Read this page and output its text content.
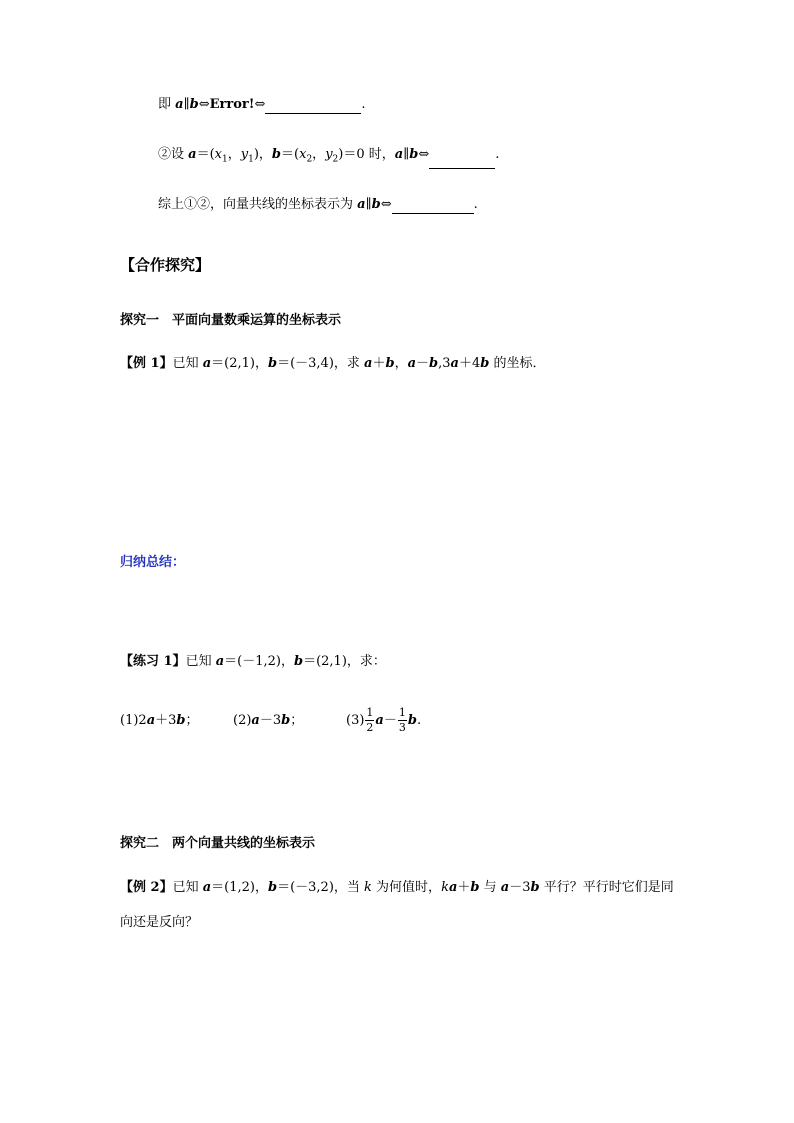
即 a∥b⇔Error!⇔	.
②设 $a=(x_1$，$y_1$)，$b=(x_2$，$y_2)=0$ 时，a∥b⇔	.
综上①②，向量共线的坐标表示为 a∥b⇔	.
【合作探究】
探究一　平面向量数乘运算的坐标表示
【例 1】已知 a＝(2,1)，b＝(－3,4)，求 a＋b，a－b,3a＋4b 的坐标．
归纳总结：
【练习 1】已知 a＝(－1,2)，b＝(2,1)，求：
(1)2a＋3b；	(2)a－3b；	$(3) \frac{1}{2} a- \frac{1}{3} b$.
探究二　两个向量共线的坐标表示
【例 2】已知 a＝(1,2)，b＝(－3,2)，当 k 为何值时，ka＋b 与 a－3b 平行？平行时它们是同
向还是反向？
